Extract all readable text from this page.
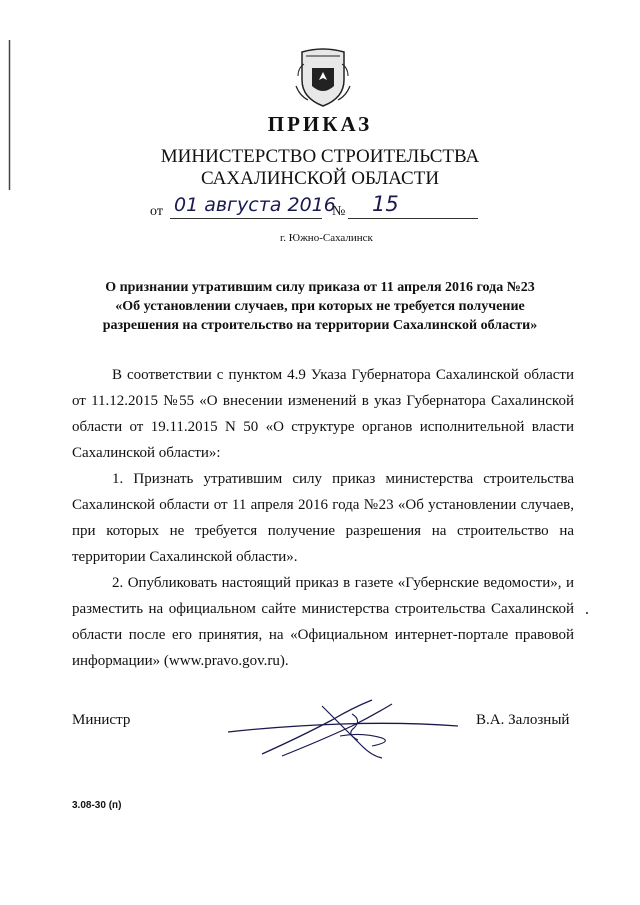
ПРИКАЗ
МИНИСТЕРСТВО СТРОИТЕЛЬСТВА
САХАЛИНСКОЙ ОБЛАСТИ
от 01 августа 2016
№ 15
г. Южно-Сахалинск
О признании утратившим силу приказа от 11 апреля 2016 года №23
«Об установлении случаев, при которых не требуется получение
разрешения на строительство на территории Сахалинской области»
В соответствии с пунктом 4.9 Указа Губернатора Сахалинской области от 11.12.2015 №55 «О внесении изменений в указ Губернатора Сахалинской области от 19.11.2015 N 50 «О структуре органов исполнительной власти Сахалинской области»:
1. Признать утратившим силу приказ министерства строительства Сахалинской области от 11 апреля 2016 года №23 «Об установлении случаев, при которых не требуется получение разрешения на строительство на территории Сахалинской области».
2. Опубликовать настоящий приказ в газете «Губернские ведомости», и разместить на официальном сайте министерства строительства Сахалинской области после его принятия, на «Официальном интернет-портале правовой информации» (www.pravo.gov.ru).
Министр	В.А. Залозный
3.08-30 (п)
